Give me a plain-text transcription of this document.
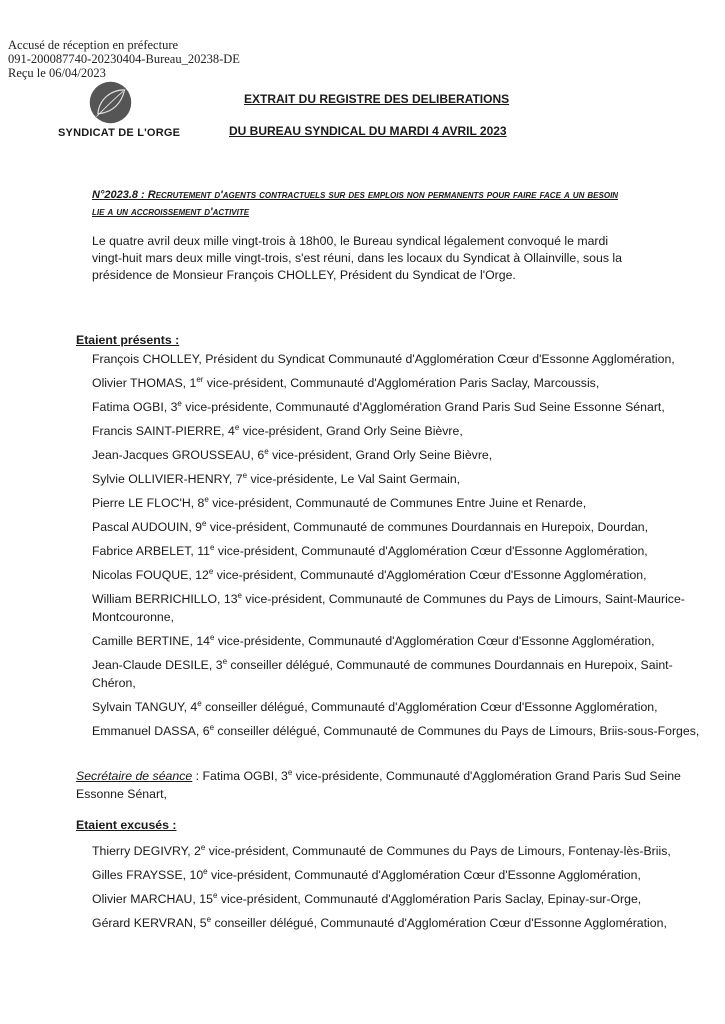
Accusé de réception en préfecture
091-200087740-20230404-Bureau_20238-DE
Reçu le 06/04/2023
SYNDICAT DE L'ORGE
EXTRAIT DU REGISTRE DES DELIBERATIONS
DU BUREAU SYNDICAL DU MARDI 4 AVRIL 2023
N°2023.8 : Recrutement d'agents contractuels sur des emplois non permanents pour faire face a un besoin lie a un accroissement d'activite
Le quatre avril deux mille vingt-trois à 18h00, le Bureau syndical légalement convoqué le mardi vingt-huit mars deux mille vingt-trois, s'est réuni, dans les locaux du Syndicat à Ollainville, sous la présidence de Monsieur François CHOLLEY, Président du Syndicat de l'Orge.
Etaient présents :
François CHOLLEY, Président du Syndicat Communauté d'Agglomération Cœur d'Essonne Agglomération,
Olivier THOMAS, 1er vice-président, Communauté d'Agglomération Paris Saclay, Marcoussis,
Fatima OGBI, 3e vice-présidente, Communauté d'Agglomération Grand Paris Sud Seine Essonne Sénart,
Francis SAINT-PIERRE, 4e vice-président, Grand Orly Seine Bièvre,
Jean-Jacques GROUSSEAU, 6e vice-président, Grand Orly Seine Bièvre,
Sylvie OLLIVIER-HENRY, 7e vice-présidente, Le Val Saint Germain,
Pierre LE FLOC'H, 8e vice-président, Communauté de Communes Entre Juine et Renarde,
Pascal AUDOUIN, 9e vice-président, Communauté de communes Dourdannais en Hurepoix, Dourdan,
Fabrice ARBELET, 11e vice-président, Communauté d'Agglomération Cœur d'Essonne Agglomération,
Nicolas FOUQUE, 12e vice-président, Communauté d'Agglomération Cœur d'Essonne Agglomération,
William BERRICHILLO, 13e vice-président, Communauté de Communes du Pays de Limours, Saint-Maurice-Montcouronne,
Camille BERTINE, 14e vice-présidente, Communauté d'Agglomération Cœur d'Essonne Agglomération,
Jean-Claude DESILE, 3e conseiller délégué, Communauté de communes Dourdannais en Hurepoix, Saint-Chéron,
Sylvain TANGUY, 4e conseiller délégué, Communauté d'Agglomération Cœur d'Essonne Agglomération,
Emmanuel DASSA, 6e conseiller délégué, Communauté de Communes du Pays de Limours, Briis-sous-Forges,
Secrétaire de séance : Fatima OGBI, 3e vice-présidente, Communauté d'Agglomération Grand Paris Sud Seine Essonne Sénart,
Etaient excusés :
Thierry DEGIVRY, 2e vice-président, Communauté de Communes du Pays de Limours, Fontenay-lès-Briis,
Gilles FRAYSSE, 10e vice-président, Communauté d'Agglomération Cœur d'Essonne Agglomération,
Olivier MARCHAU, 15e vice-président, Communauté d'Agglomération Paris Saclay, Epinay-sur-Orge,
Gérard KERVRAN, 5e conseiller délégué, Communauté d'Agglomération Cœur d'Essonne Agglomération,
